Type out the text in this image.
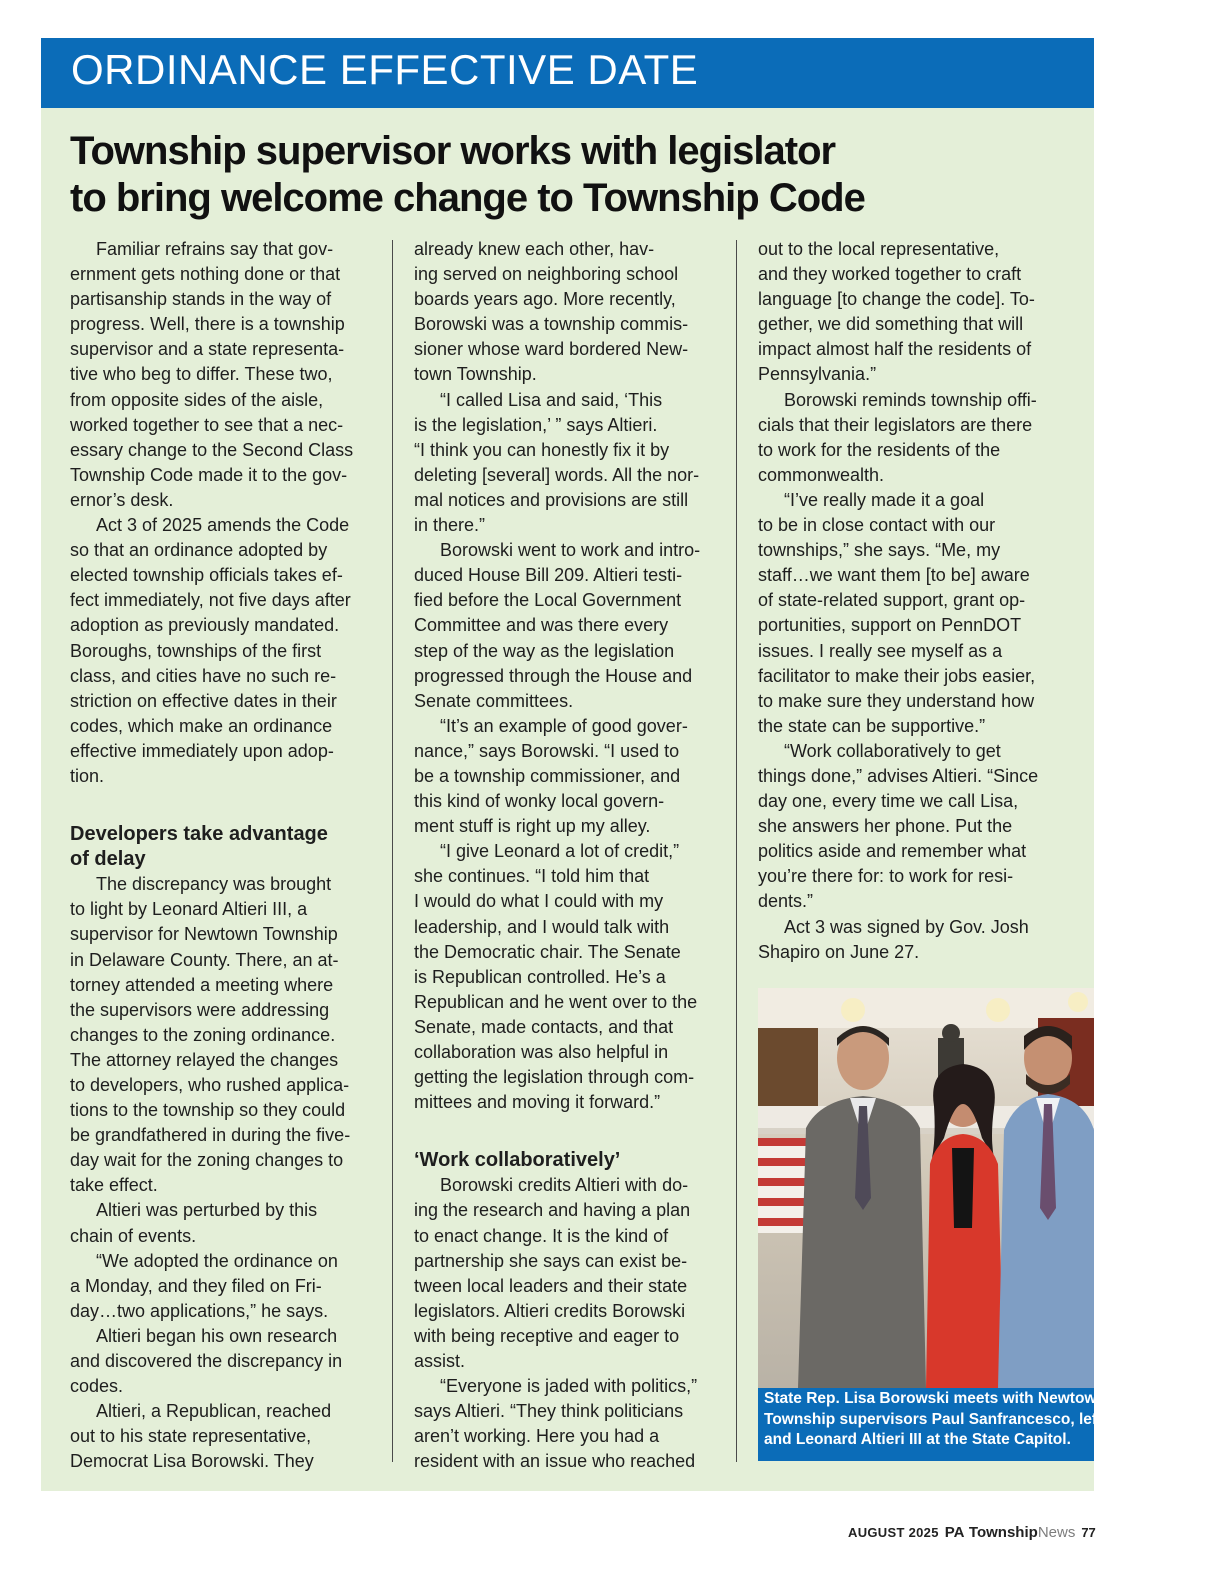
ORDINANCE EFFECTIVE DATE
Township supervisor works with legislator
to bring welcome change to Township Code
Familiar refrains say that gov-
ernment gets nothing done or that
partisanship stands in the way of
progress. Well, there is a township
supervisor and a state representa-
tive who beg to differ. These two,
from opposite sides of the aisle,
worked together to see that a nec-
essary change to the Second Class
Township Code made it to the gov-
ernor’s desk.
Act 3 of 2025 amends the Code
so that an ordinance adopted by
elected township officials takes ef-
fect immediately, not five days after
adoption as previously mandated.
Boroughs, townships of the first
class, and cities have no such re-
striction on effective dates in their
codes, which make an ordinance
effective immediately upon adop-
tion.
Developers take advantage
of delay
The discrepancy was brought
to light by Leonard Altieri III, a
supervisor for Newtown Township
in Delaware County. There, an at-
torney attended a meeting where
the supervisors were addressing
changes to the zoning ordinance.
The attorney relayed the changes
to developers, who rushed applica-
tions to the township so they could
be grandfathered in during the five-
day wait for the zoning changes to
take effect.
Altieri was perturbed by this
chain of events.
“We adopted the ordinance on
a Monday, and they filed on Fri-
day…two applications,” he says.
Altieri began his own research
and discovered the discrepancy in
codes.
Altieri, a Republican, reached
out to his state representative,
Democrat Lisa Borowski. They
already knew each other, hav-
ing served on neighboring school
boards years ago. More recently,
Borowski was a township commis-
sioner whose ward bordered New-
town Township.
“I called Lisa and said, ‘This
is the legislation,’ ” says Altieri.
“I think you can honestly fix it by
deleting [several] words. All the nor-
mal notices and provisions are still
in there.”
Borowski went to work and intro-
duced House Bill 209. Altieri testi-
fied before the Local Government
Committee and was there every
step of the way as the legislation
progressed through the House and
Senate committees.
“It’s an example of good gover-
nance,” says Borowski. “I used to
be a township commissioner, and
this kind of wonky local govern-
ment stuff is right up my alley.
“I give Leonard a lot of credit,”
she continues. “I told him that
I would do what I could with my
leadership, and I would talk with
the Democratic chair. The Senate
is Republican controlled. He’s a
Republican and he went over to the
Senate, made contacts, and that
collaboration was also helpful in
getting the legislation through com-
mittees and moving it forward.”
‘Work collaboratively’
Borowski credits Altieri with do-
ing the research and having a plan
to enact change. It is the kind of
partnership she says can exist be-
tween local leaders and their state
legislators. Altieri credits Borowski
with being receptive and eager to
assist.
“Everyone is jaded with politics,”
says Altieri. “They think politicians
aren’t working. Here you had a
resident with an issue who reached
out to the local representative,
and they worked together to craft
language [to change the code]. To-
gether, we did something that will
impact almost half the residents of
Pennsylvania.”
Borowski reminds township offi-
cials that their legislators are there
to work for the residents of the
commonwealth.
“I’ve really made it a goal
to be in close contact with our
townships,” she says. “Me, my
staff…we want them [to be] aware
of state-related support, grant op-
portunities, support on PennDOT
issues. I really see myself as a
facilitator to make their jobs easier,
to make sure they understand how
the state can be supportive.”
“Work collaboratively to get
things done,” advises Altieri. “Since
day one, every time we call Lisa,
she answers her phone. Put the
politics aside and remember what
you’re there for: to work for resi-
dents.”
Act 3 was signed by Gov. Josh
Shapiro on June 27.
State Rep. Lisa Borowski meets with Newtown
Township supervisors Paul Sanfrancesco, left,
and Leonard Altieri III at the State Capitol.
AUGUST 2025 PA TownshipNews 77
